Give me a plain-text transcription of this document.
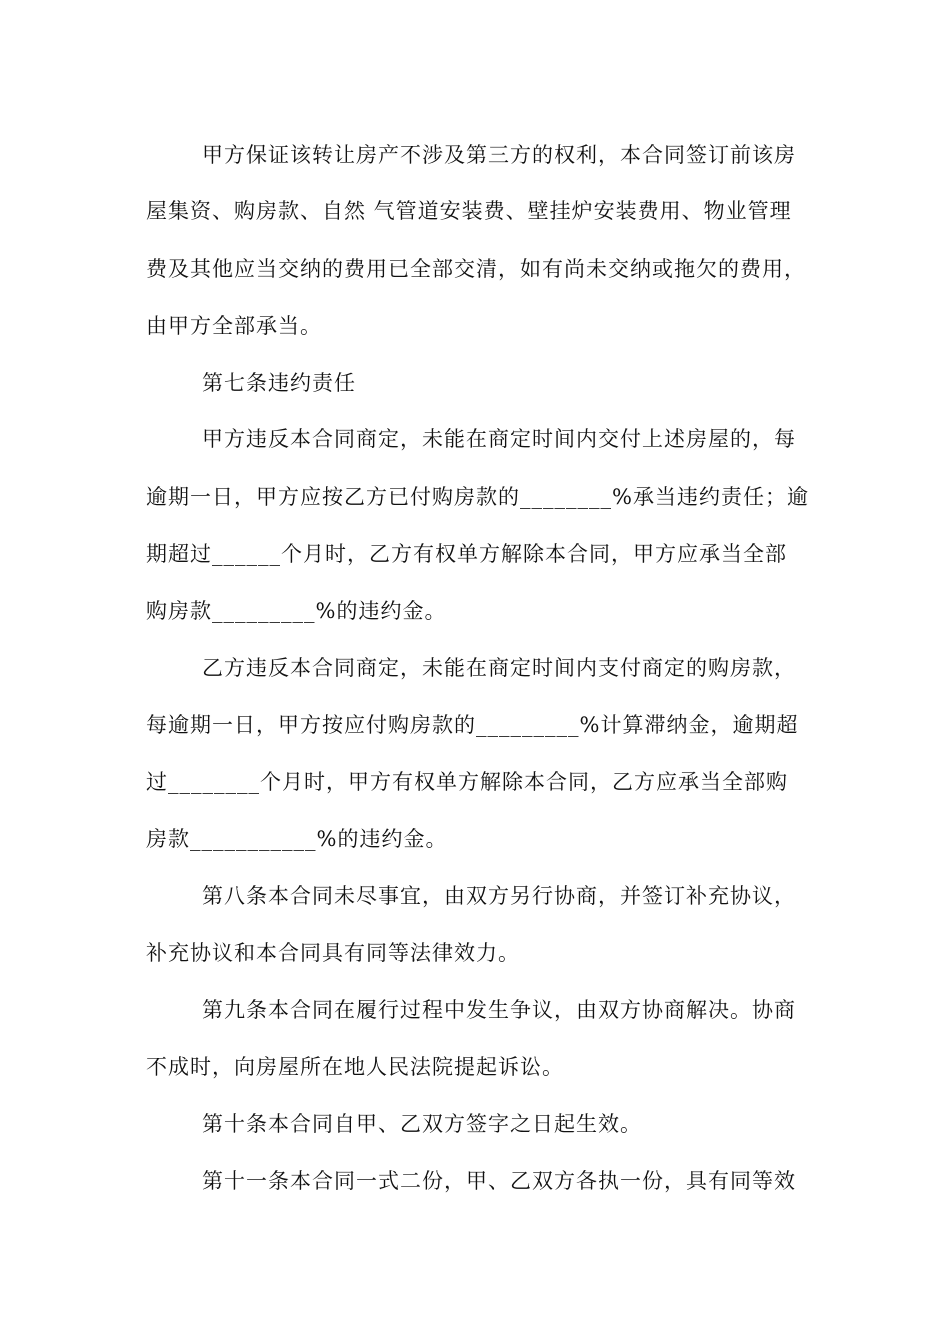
甲方保证该转让房产不涉及第三方的权利，本合同签订前该房
屋集资、购房款、自然 气管道安装费、壁挂炉安装费用、物业管理
费及其他应当交纳的费用已全部交清，如有尚未交纳或拖欠的费用，
由甲方全部承当。
第七条违约责任
甲方违反本合同商定，未能在商定时间内交付上述房屋的，每
逾期一日，甲方应按乙方已付购房款的________%承当违约责任；逾
期超过______个月时，乙方有权单方解除本合同，甲方应承当全部
购房款_________%的违约金。
乙方违反本合同商定，未能在商定时间内支付商定的购房款，
每逾期一日，甲方按应付购房款的_________%计算滞纳金，逾期超
过________个月时，甲方有权单方解除本合同，乙方应承当全部购
房款___________%的违约金。
第八条本合同未尽事宜，由双方另行协商，并签订补充协议，
补充协议和本合同具有同等法律效力。
第九条本合同在履行过程中发生争议，由双方协商解决。协商
不成时，向房屋所在地人民法院提起诉讼。
第十条本合同自甲、乙双方签字之日起生效。
第十一条本合同一式二份，甲、乙双方各执一份，具有同等效
